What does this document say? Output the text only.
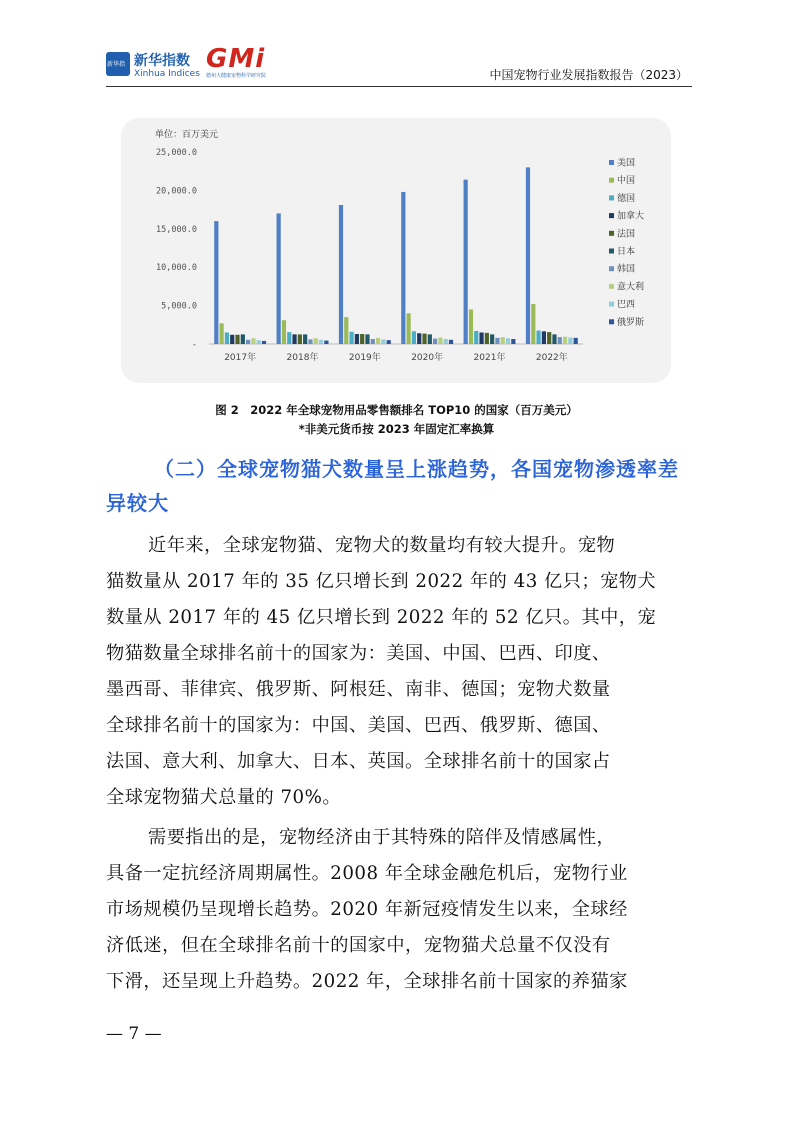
新华指 新华指数
Xinhua Indices GMi
德州大健康宠物科学研究院	中国宠物行业发展指数报告（2023）
单位：百万美元
-
5,000.0
10,000.0
15,000.0
20,000.0
25,000.0
2017年	2018年	2019年	2020年	2021年	2022年
美国
中国
德国
加拿大
法国
日本
韩国
意大利
巴西
俄罗斯
图 2　2022 年全球宠物用品零售额排名 TOP10 的国家（百万美元）
*非美元货币按 2023 年固定汇率换算
（二）全球宠物猫犬数量呈上涨趋势，各国宠物渗透率差
异较大
近年来，全球宠物猫、宠物犬的数量均有较大提升。宠物
猫数量从 2017 年的 35 亿只增长到 2022 年的 43 亿只；宠物犬
数量从 2017 年的 45 亿只增长到 2022 年的 52 亿只。其中，宠
物猫数量全球排名前十的国家为：美国、中国、巴西、印度、
墨西哥、菲律宾、俄罗斯、阿根廷、南非、德国；宠物犬数量
全球排名前十的国家为：中国、美国、巴西、俄罗斯、德国、
法国、意大利、加拿大、日本、英国。全球排名前十的国家占
全球宠物猫犬总量的 70%。
需要指出的是，宠物经济由于其特殊的陪伴及情感属性，
具备一定抗经济周期属性。2008 年全球金融危机后，宠物行业
市场规模仍呈现增长趋势。2020 年新冠疫情发生以来，全球经
济低迷，但在全球排名前十的国家中，宠物猫犬总量不仅没有
下滑，还呈现上升趋势。2022 年，全球排名前十国家的养猫家
— 7 —
